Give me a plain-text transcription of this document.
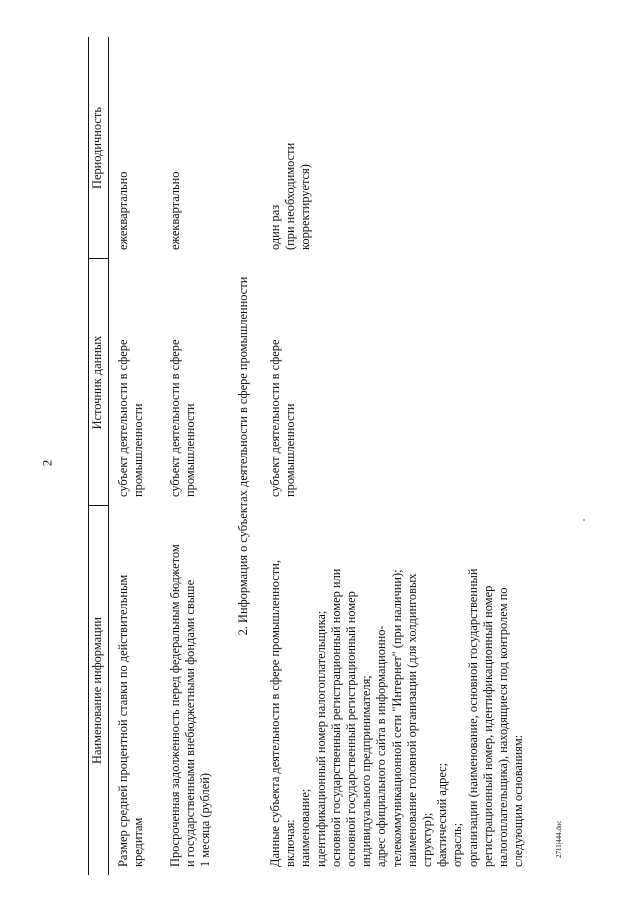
2
2711|444.doc
Наименование информации
Источник данных
Периодичность
Размер средней процентной ставки по действительным кредитам
субъект деятельности в сфере промышленности
ежеквартально
Просроченная задолженность перед федеральным бюджетом и государственными внебюджетными фондами свыше 1 месяца (рублей)
субъект деятельности в сфере промышленности
ежеквартально
2. Информация о субъектах деятельности в сфере промышленности
Данные субъекта деятельности в сфере промышленности, включая: наименование; идентификационный номер налогоплательщика; основной государственный регистрационный номер или основной государственный регистрационный номер индивидуального предпринимателя; адрес официального сайта в информационно- телекоммуникационной сети "Интернет" (при наличии); наименование головной организации (для холдинговых структур); фактический адрес; отрасль; организации (наименование, основной государственный регистрационный номер, идентификационный номер налогоплательщика), находящиеся под контролем по следующим основаниям:
субъект деятельности в сфере промышленности
один раз (при необходимости корректируется)
